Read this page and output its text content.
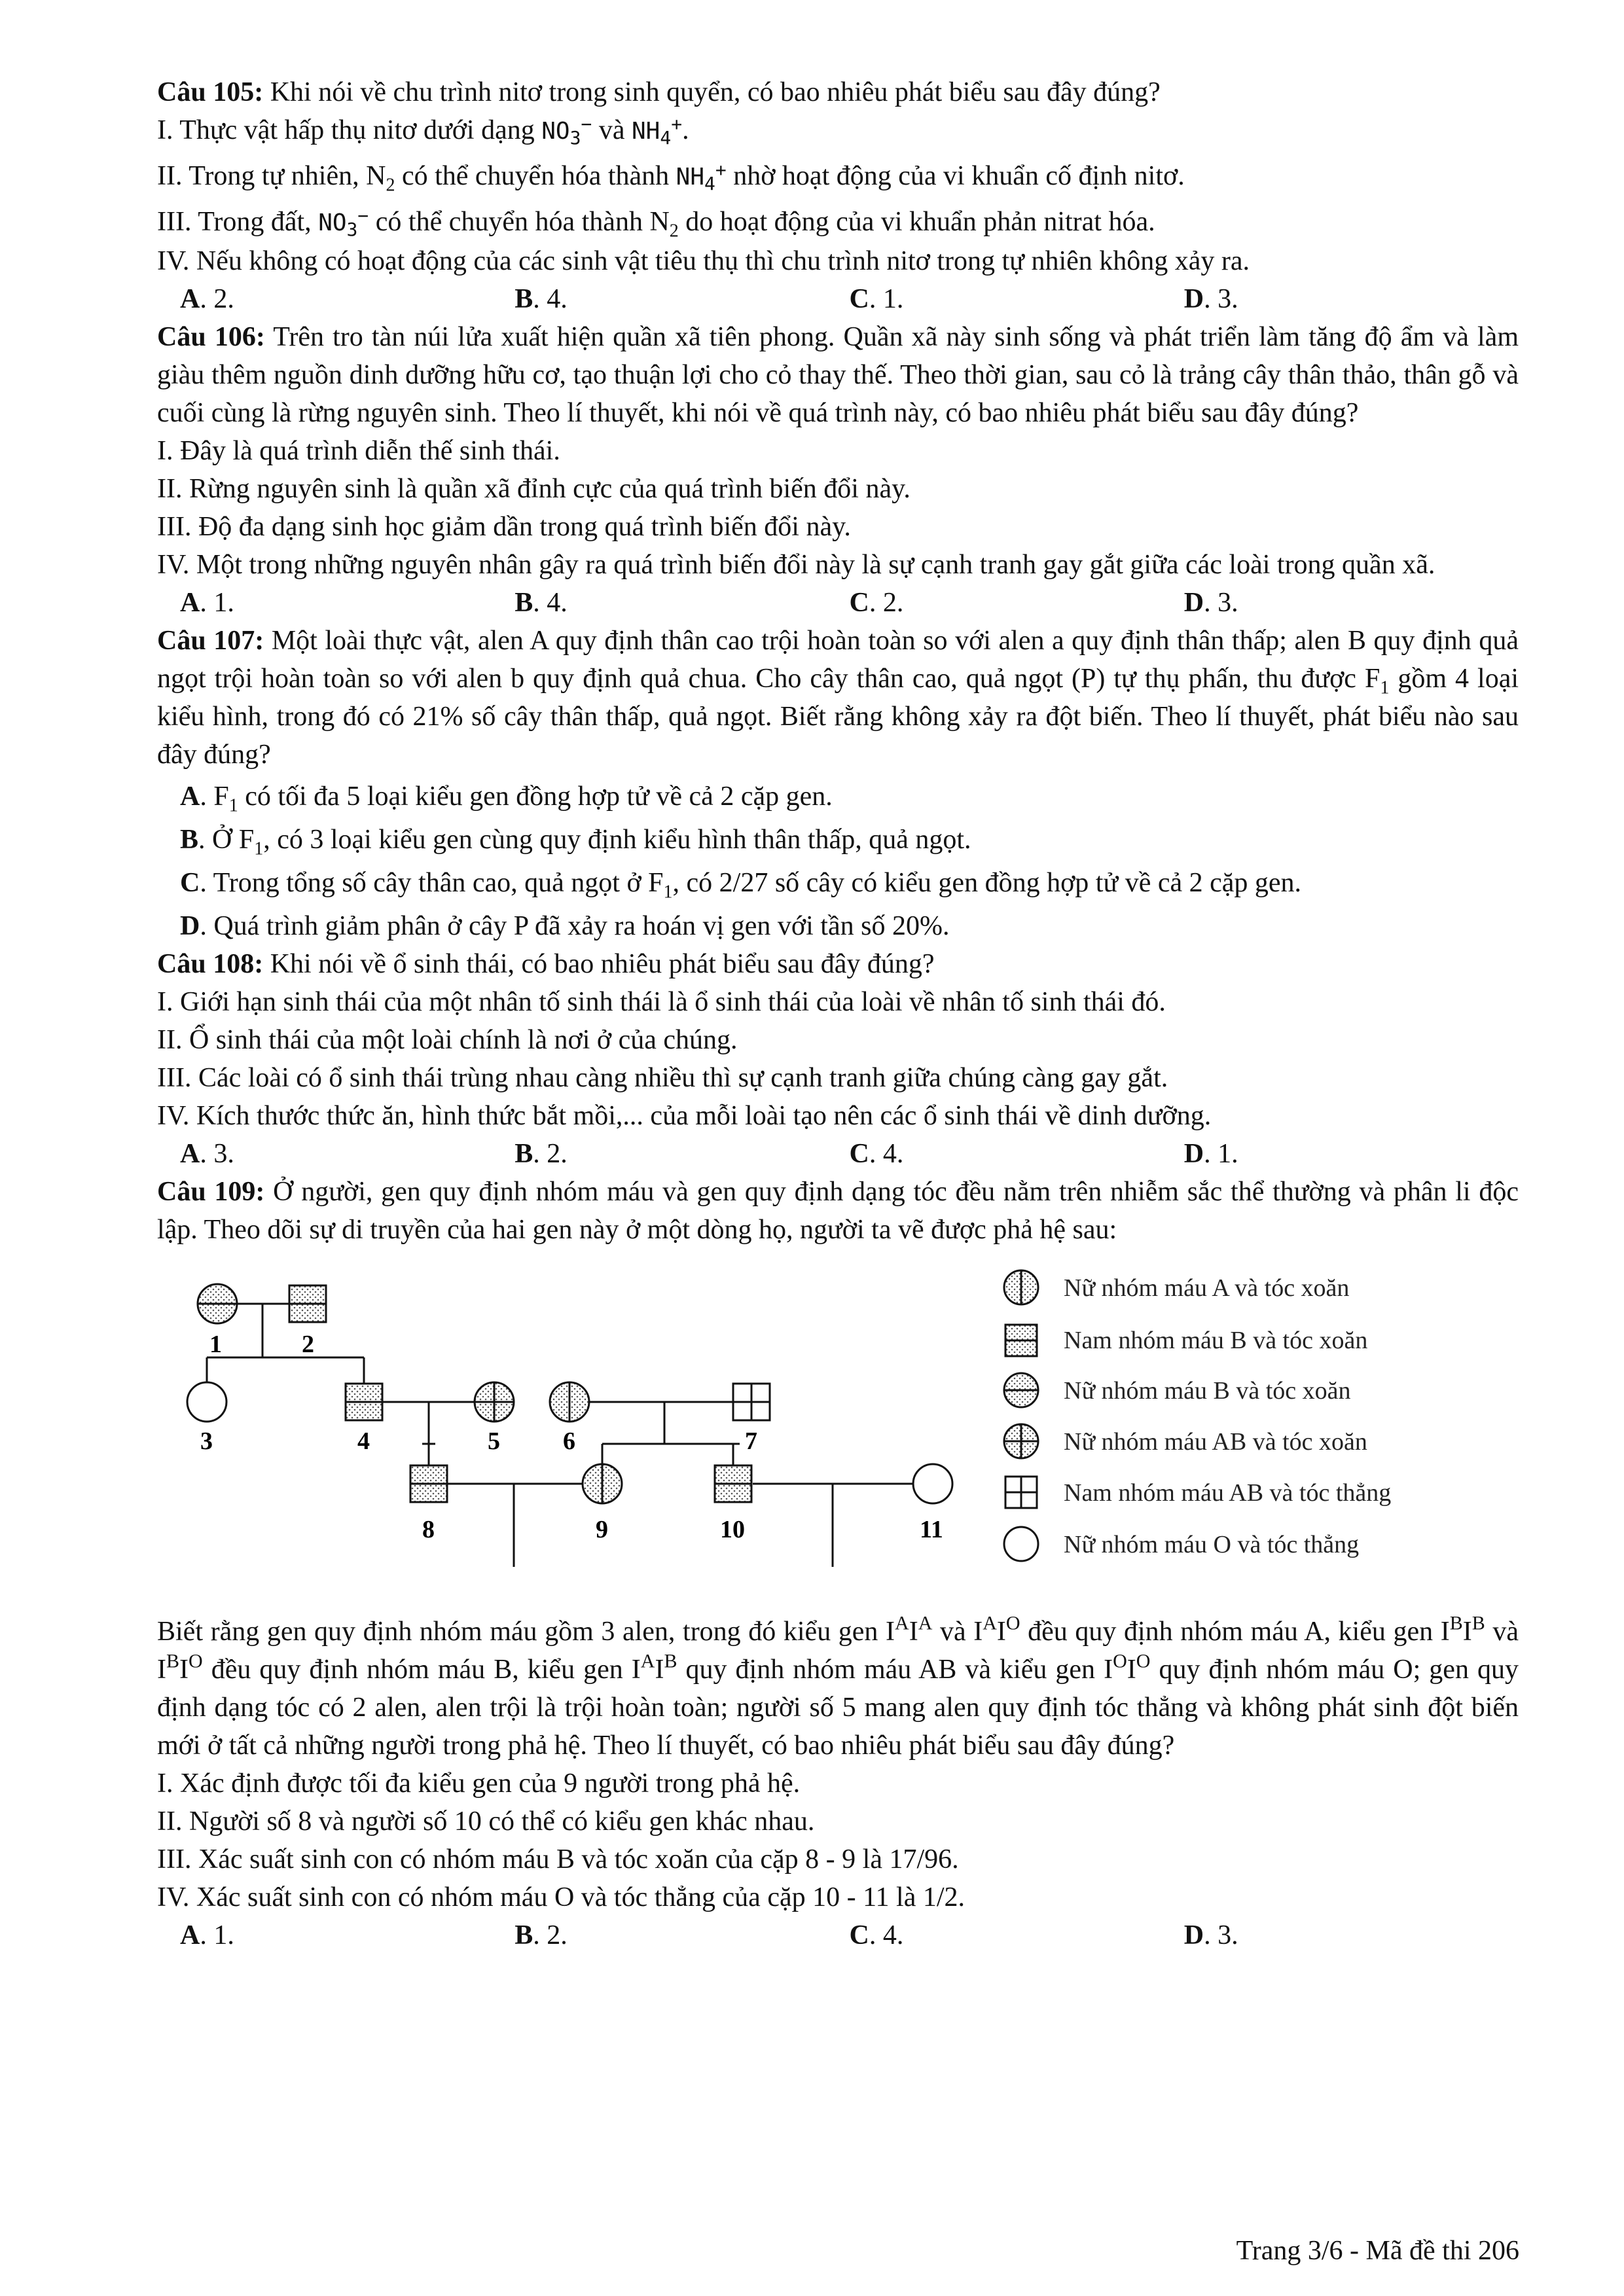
Câu 105: Khi nói về chu trình nitơ trong sinh quyển, có bao nhiêu phát biểu sau đây đúng?

I. Thực vật hấp thụ nitơ dưới dạng $NO_3^-$ và $NH_4^+$.

II. Trong tự nhiên, $N_2$ có thể chuyển hóa thành $NH_4^+$ nhờ hoạt động của vi khuẩn cố định nitơ.

III. Trong đất, $NO_3^-$ có thể chuyển hóa thành $N_2$ do hoạt động của vi khuẩn phản nitrat hóa.

IV. Nếu không có hoạt động của các sinh vật tiêu thụ thì chu trình nitơ trong tự nhiên không xảy ra.

A. 2.	B. 4.	C. 1.	D. 3.

Câu 106: Trên tro tàn núi lửa xuất hiện quần xã tiên phong. Quần xã này sinh sống và phát triển làm tăng độ ẩm và làm giàu thêm nguồn dinh dưỡng hữu cơ, tạo thuận lợi cho cỏ thay thế. Theo thời gian, sau cỏ là trảng cây thân thảo, thân gỗ và cuối cùng là rừng nguyên sinh. Theo lí thuyết, khi nói về quá trình này, có bao nhiêu phát biểu sau đây đúng?

I. Đây là quá trình diễn thế sinh thái.

II. Rừng nguyên sinh là quần xã đỉnh cực của quá trình biến đổi này.

III. Độ đa dạng sinh học giảm dần trong quá trình biến đổi này.

IV. Một trong những nguyên nhân gây ra quá trình biến đổi này là sự cạnh tranh gay gắt giữa các loài trong quần xã.

A. 1.	B. 4.	C. 2.	D. 3.

Câu 107: Một loài thực vật, alen A quy định thân cao trội hoàn toàn so với alen a quy định thân thấp; alen B quy định quả ngọt trội hoàn toàn so với alen b quy định quả chua. Cho cây thân cao, quả ngọt (P) tự thụ phấn, thu được $F_1$ gồm 4 loại kiểu hình, trong đó có 21% số cây thân thấp, quả ngọt. Biết rằng không xảy ra đột biến. Theo lí thuyết, phát biểu nào sau đây đúng?

A. $F_1$ có tối đa 5 loại kiểu gen đồng hợp tử về cả 2 cặp gen.

B. Ở $F_1$, có 3 loại kiểu gen cùng quy định kiểu hình thân thấp, quả ngọt.

C. Trong tổng số cây thân cao, quả ngọt ở $F_1$, có 2/27 số cây có kiểu gen đồng hợp tử về cả 2 cặp gen.

D. Quá trình giảm phân ở cây P đã xảy ra hoán vị gen với tần số 20%.

Câu 108: Khi nói về ổ sinh thái, có bao nhiêu phát biểu sau đây đúng?

I. Giới hạn sinh thái của một nhân tố sinh thái là ổ sinh thái của loài về nhân tố sinh thái đó.

II. Ổ sinh thái của một loài chính là nơi ở của chúng.

III. Các loài có ổ sinh thái trùng nhau càng nhiều thì sự cạnh tranh giữa chúng càng gay gắt.

IV. Kích thước thức ăn, hình thức bắt mồi,... của mỗi loài tạo nên các ổ sinh thái về dinh dưỡng.

A. 3.	B. 2.	C. 4.	D. 1.

Câu 109: Ở người, gen quy định nhóm máu và gen quy định dạng tóc đều nằm trên nhiễm sắc thể thường và phân li độc lập. Theo dõi sự di truyền của hai gen này ở một dòng họ, người ta vẽ được phả hệ sau:

1	2
3	4	5	6	7
8	9	10	11
Nữ nhóm máu A và tóc xoăn
Nam nhóm máu B và tóc xoăn
Nữ nhóm máu B và tóc xoăn
Nữ nhóm máu AB và tóc xoăn
Nam nhóm máu AB và tóc thẳng
Nữ nhóm máu O và tóc thẳng

Biết rằng gen quy định nhóm máu gồm 3 alen, trong đó kiểu gen $I^AI^A$ và $I^AI^O$ đều quy định nhóm máu A, kiểu gen $I^BI^B$ và $I^BI^O$ đều quy định nhóm máu B, kiểu gen $I^AI^B$ quy định nhóm máu AB và kiểu gen $I^OI^O$ quy định nhóm máu O; gen quy định dạng tóc có 2 alen, alen trội là trội hoàn toàn; người số 5 mang alen quy định tóc thẳng và không phát sinh đột biến mới ở tất cả những người trong phả hệ. Theo lí thuyết, có bao nhiêu phát biểu sau đây đúng?

I. Xác định được tối đa kiểu gen của 9 người trong phả hệ.

II. Người số 8 và người số 10 có thể có kiểu gen khác nhau.

III. Xác suất sinh con có nhóm máu B và tóc xoăn của cặp 8 - 9 là 17/96.

IV. Xác suất sinh con có nhóm máu O và tóc thẳng của cặp 10 - 11 là 1/2.

A. 1.	B. 2.	C. 4.	D. 3.
Trang 3/6 - Mã đề thi 206
